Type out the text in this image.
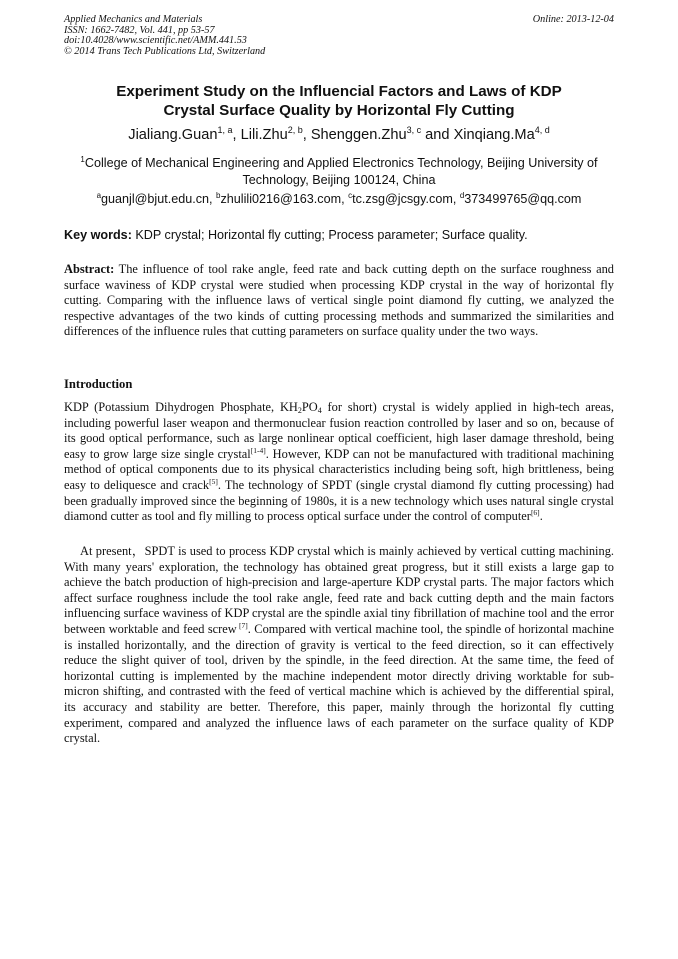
Applied Mechanics and Materials
ISSN: 1662-7482, Vol. 441, pp 53-57
doi:10.4028/www.scientific.net/AMM.441.53
© 2014 Trans Tech Publications Ltd, Switzerland
Online: 2013-12-04
Experiment Study on the Influencial Factors and Laws of KDP
Crystal Surface Quality by Horizontal Fly Cutting
Jialiang.Guan$^{1, a}$, Lili.Zhu$^{2, b}$, Shenggen.Zhu$^{3, c}$ and Xinqiang.Ma$^{4, d}$
$^1$College of Mechanical Engineering and Applied Electronics Technology, Beijing University of
Technology, Beijing 100124, China
$^a$guanjl@bjut.edu.cn, $^b$zhulili0216@163.com, $^c$tc.zsg@jcsgy.com, $^d$373499765@qq.com
Key words: KDP crystal; Horizontal fly cutting; Process parameter; Surface quality.

Abstract: The influence of tool rake angle, feed rate and back cutting depth on the surface roughness and surface waviness of KDP crystal were studied when processing KDP crystal in the way of horizontal fly cutting. Comparing with the influence laws of vertical single point diamond fly cutting, we analyzed the respective advantages of the two kinds of cutting processing methods and summarized the similarities and differences of the influence rules that cutting parameters on surface quality under the two ways.

Introduction

KDP (Potassium Dihydrogen Phosphate, $KH_2PO_4$ for short) crystal is widely applied in high-tech areas, including powerful laser weapon and thermonuclear fusion reaction controlled by laser and so on, because of its good optical performance, such as large nonlinear optical coefficient, high laser damage threshold, being easy to grow large size single crystal[1-4]. However, KDP can not be manufactured with traditional machining method of optical components due to its physical characteristics including being soft, high brittleness, being easy to deliquesce and crack[5]. The technology of SPDT (single crystal diamond fly cutting processing) had been gradually improved since the beginning of 1980s, it is a new technology which uses natural single crystal diamond cutter as tool and fly milling to process optical surface under the control of computer[6].

At present，SPDT is used to process KDP crystal which is mainly achieved by vertical cutting machining. With many years' exploration, the technology has obtained great progress, but it still exists a large gap to achieve the batch production of high-precision and large-aperture KDP crystal parts. The major factors which affect surface roughness include the tool rake angle, feed rate and back cutting depth and the main factors influencing surface waviness of KDP crystal are the spindle axial tiny fibrillation of machine tool and the error between worktable and feed screw [7]. Compared with vertical machine tool, the spindle of horizontal machine is installed horizontally, and the direction of gravity is vertical to the feed direction, so it can effectively reduce the slight quiver of tool, driven by the spindle, in the feed direction. At the same time, the feed of horizontal cutting is implemented by the machine independent motor directly driving worktable for sub-micron shifting, and contrasted with the feed of vertical machine which is achieved by the differential spiral, its accuracy and stability are better. Therefore, this paper, mainly through the horizontal fly cutting experiment, compared and analyzed the influence laws of each parameter on the surface quality of KDP crystal.
